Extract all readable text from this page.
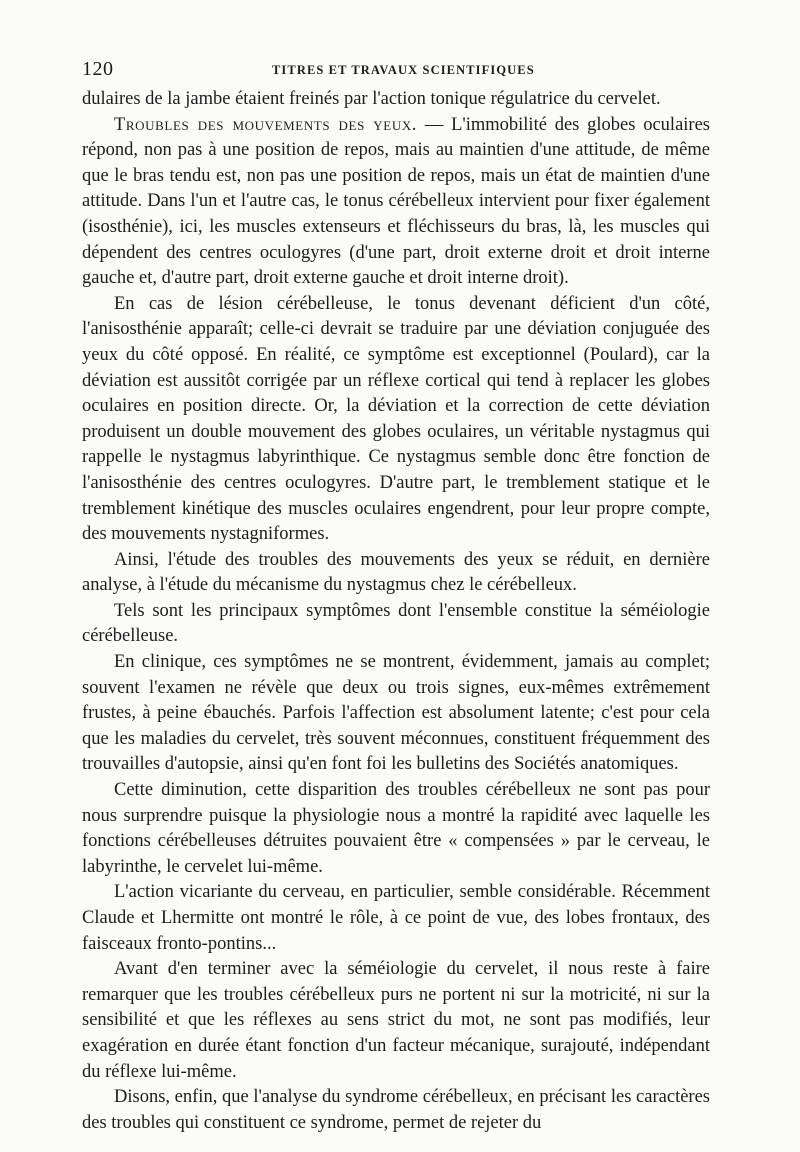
120	TITRES ET TRAVAUX SCIENTIFIQUES

dulaires de la jambe étaient freinés par l'action tonique régulatrice du cervelet.

Troubles des mouvements des yeux. — L'immobilité des globes oculaires répond, non pas à une position de repos, mais au maintien d'une attitude, de même que le bras tendu est, non pas une position de repos, mais un état de maintien d'une attitude. Dans l'un et l'autre cas, le tonus cérébelleux intervient pour fixer également (isosthénie), ici, les muscles extenseurs et fléchisseurs du bras, là, les muscles qui dépendent des centres oculogyres (d'une part, droit externe droit et droit interne gauche et, d'autre part, droit externe gauche et droit interne droit).

En cas de lésion cérébelleuse, le tonus devenant déficient d'un côté, l'anisosthénie apparaît; celle-ci devrait se traduire par une déviation conjuguée des yeux du côté opposé. En réalité, ce symptôme est exceptionnel (Poulard), car la déviation est aussitôt corrigée par un réflexe cortical qui tend à replacer les globes oculaires en position directe. Or, la déviation et la correction de cette déviation produisent un double mouvement des globes oculaires, un véritable nystagmus qui rappelle le nystagmus labyrinthique. Ce nystagmus semble donc être fonction de l'anisosthénie des centres oculogyres. D'autre part, le tremblement statique et le tremblement kinétique des muscles oculaires engendrent, pour leur propre compte, des mouvements nystagniformes.

Ainsi, l'étude des troubles des mouvements des yeux se réduit, en dernière analyse, à l'étude du mécanisme du nystagmus chez le cérébelleux.

Tels sont les principaux symptômes dont l'ensemble constitue la séméiologie cérébelleuse.

En clinique, ces symptômes ne se montrent, évidemment, jamais au complet; souvent l'examen ne révèle que deux ou trois signes, eux-mêmes extrêmement frustes, à peine ébauchés. Parfois l'affection est absolument latente; c'est pour cela que les maladies du cervelet, très souvent méconnues, constituent fréquemment des trouvailles d'autopsie, ainsi qu'en font foi les bulletins des Sociétés anatomiques.

Cette diminution, cette disparition des troubles cérébelleux ne sont pas pour nous surprendre puisque la physiologie nous a montré la rapidité avec laquelle les fonctions cérébelleuses détruites pouvaient être « compensées » par le cerveau, le labyrinthe, le cervelet lui-même.

L'action vicariante du cerveau, en particulier, semble considérable. Récemment Claude et Lhermitte ont montré le rôle, à ce point de vue, des lobes frontaux, des faisceaux fronto-pontins...

Avant d'en terminer avec la séméiologie du cervelet, il nous reste à faire remarquer que les troubles cérébelleux purs ne portent ni sur la motricité, ni sur la sensibilité et que les réflexes au sens strict du mot, ne sont pas modifiés, leur exagération en durée étant fonction d'un facteur mécanique, surajouté, indépendant du réflexe lui-même.

Disons, enfin, que l'analyse du syndrome cérébelleux, en précisant les caractères des troubles qui constituent ce syndrome, permet de rejeter du
